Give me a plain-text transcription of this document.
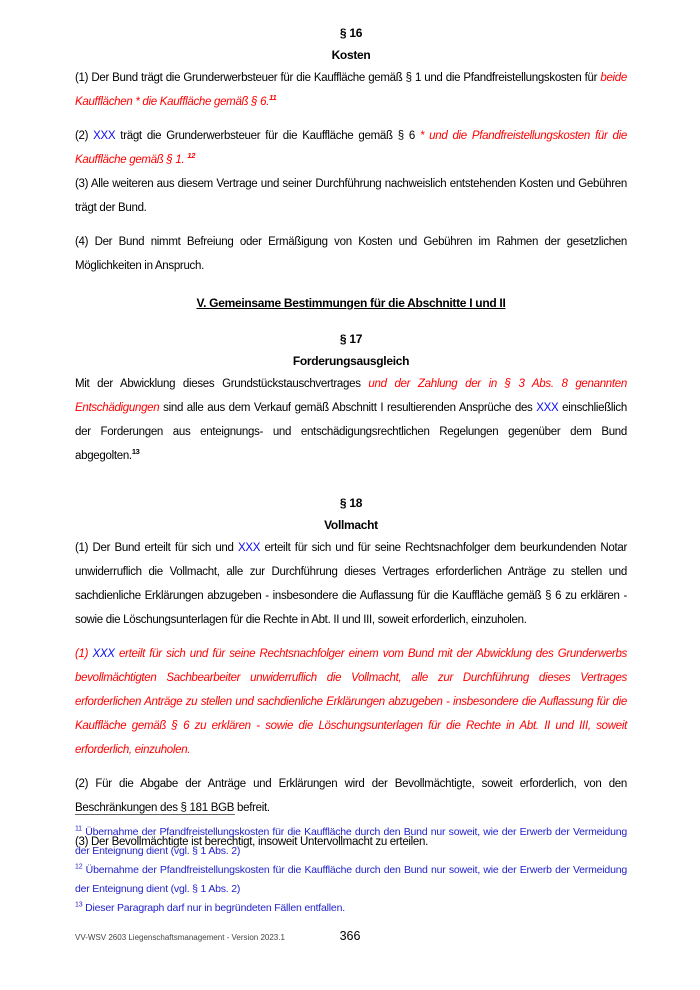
§ 16
Kosten
(1) Der Bund trägt die Grunderwerbsteuer für die Kauffläche gemäß § 1 und die Pfandfreistellungskosten für beide Kaufflächen * die Kauffläche gemäß § 6.11
(2) XXX trägt die Grunderwerbsteuer für die Kauffläche gemäß § 6 * und die Pfandfreistellungskosten für die Kauffläche gemäß § 1. $^{12}$
(3) Alle weiteren aus diesem Vertrage und seiner Durchführung nachweislich entstehenden Kosten und Gebühren trägt der Bund.
(4) Der Bund nimmt Befreiung oder Ermäßigung von Kosten und Gebühren im Rahmen der gesetzlichen Möglichkeiten in Anspruch.
V. Gemeinsame Bestimmungen für die Abschnitte I und II
§ 17
Forderungsausgleich
Mit der Abwicklung dieses Grundstückstauschvertrages und der Zahlung der in § 3 Abs. 8 genannten Entschädigungen sind alle aus dem Verkauf gemäß Abschnitt I resultierenden Ansprüche des XXX einschließlich der Forderungen aus enteignungs- und entschädigungsrechtlichen Regelungen gegenüber dem Bund abgegolten.$^{13}$
§ 18
Vollmacht
(1) Der Bund erteilt für sich und XXX erteilt für sich und für seine Rechtsnachfolger dem beurkundenden Notar unwiderruflich die Vollmacht, alle zur Durchführung dieses Vertrages erforderlichen Anträge zu stellen und sachdienliche Erklärungen abzugeben - insbesondere die Auflassung für die Kauffläche gemäß § 6 zu erklären - sowie die Löschungsunterlagen für die Rechte in Abt. II und III, soweit erforderlich, einzuholen.
(1) XXX erteilt für sich und für seine Rechtsnachfolger einem vom Bund mit der Abwicklung des Grunderwerbs bevollmächtigten Sachbearbeiter unwiderruflich die Vollmacht, alle zur Durchführung dieses Vertrages erforderlichen Anträge zu stellen und sachdienliche Erklärungen abzugeben - insbesondere die Auflassung für die Kauffläche gemäß § 6 zu erklären - sowie die Löschungsunterlagen für die Rechte in Abt. II und III, soweit erforderlich, einzuholen.
(2) Für die Abgabe der Anträge und Erklärungen wird der Bevollmächtigte, soweit erforderlich, von den Beschränkungen des § 181 BGB befreit.
(3) Der Bevollmächtigte ist berechtigt, insoweit Untervollmacht zu erteilen.
$^{11}$ Übernahme der Pfandfreistellungskosten für die Kauffläche durch den Bund nur soweit, wie der Erwerb der Vermeidung der Enteignung dient (vgl. § 1 Abs. 2)
$^{12}$ Übernahme der Pfandfreistellungskosten für die Kauffläche durch den Bund nur soweit, wie der Erwerb der Vermeidung der Enteignung dient (vgl. § 1 Abs. 2)
$^{13}$ Dieser Paragraph darf nur in begründeten Fällen entfallen.
VV-WSV 2603 Liegenschaftsmanagement - Version 2023.1	366
